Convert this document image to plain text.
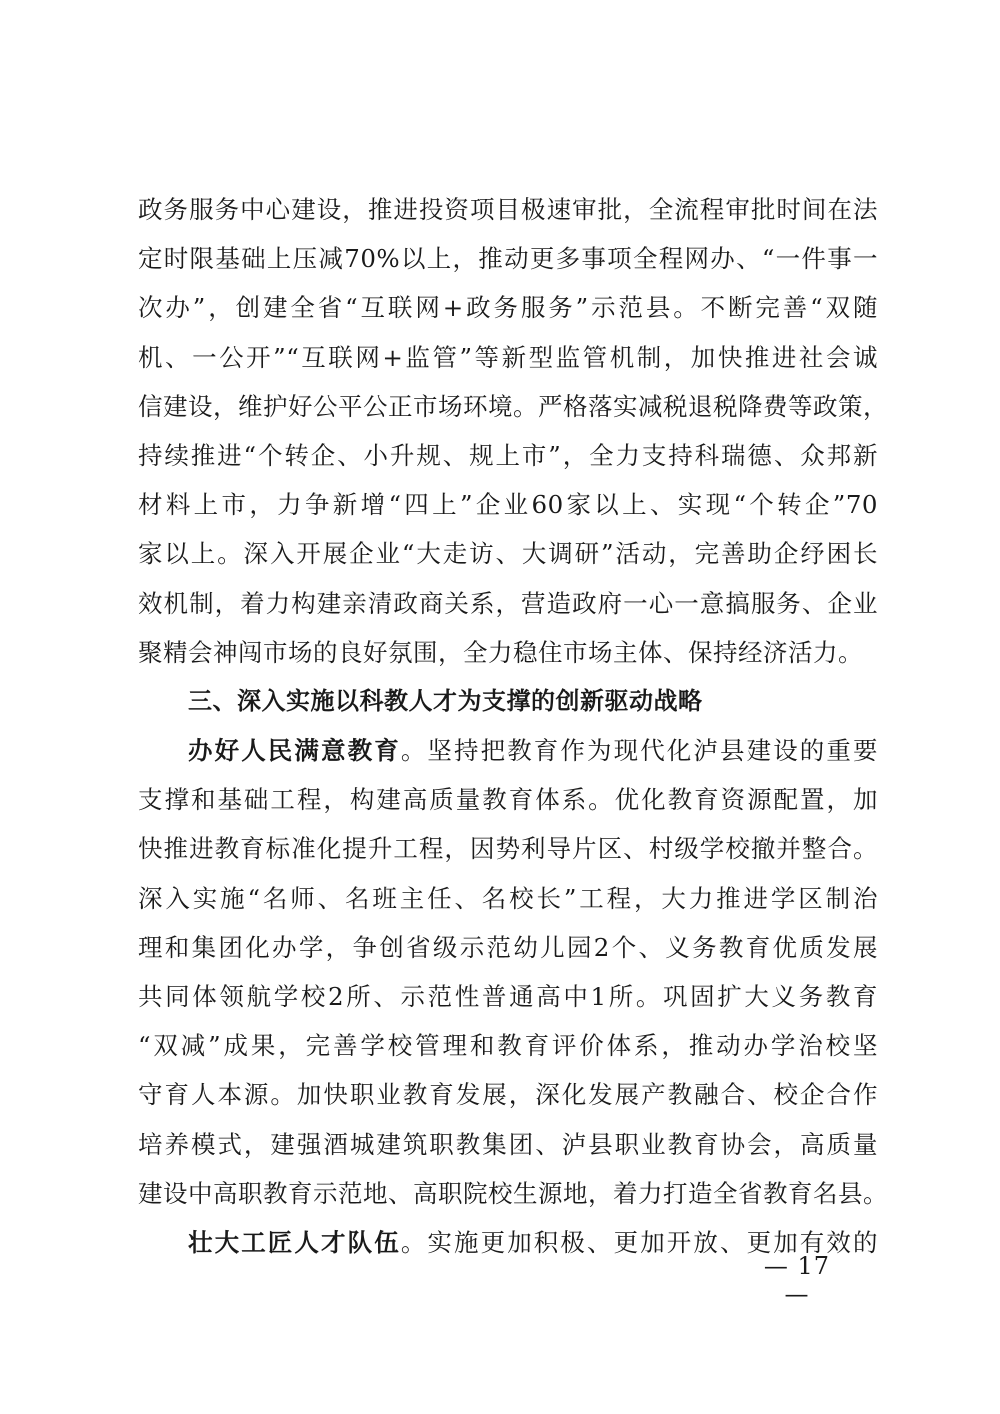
政务服务中心建设，推进投资项目极速审批，全流程审批时间在法
定时限基础上压减70%以上，推动更多事项全程网办、“一件事一
次办”，创建全省“互联网+政务服务”示范县。不断完善“双随
机、一公开”“互联网+监管”等新型监管机制，加快推进社会诚
信建设，维护好公平公正市场环境。严格落实减税退税降费等政策，
持续推进“个转企、小升规、规上市”，全力支持科瑞德、众邦新
材料上市，力争新增“四上”企业60家以上、实现“个转企”70
家以上。深入开展企业“大走访、大调研”活动，完善助企纾困长
效机制，着力构建亲清政商关系，营造政府一心一意搞服务、企业
聚精会神闯市场的良好氛围，全力稳住市场主体、保持经济活力。
三、深入实施以科教人才为支撑的创新驱动战略
办好人民满意教育。坚持把教育作为现代化泸县建设的重要
支撑和基础工程，构建高质量教育体系。优化教育资源配置，加
快推进教育标准化提升工程，因势利导片区、村级学校撤并整合。
深入实施“名师、名班主任、名校长”工程，大力推进学区制治
理和集团化办学，争创省级示范幼儿园2个、义务教育优质发展
共同体领航学校2所、示范性普通高中1所。巩固扩大义务教育
“双减”成果，完善学校管理和教育评价体系，推动办学治校坚
守育人本源。加快职业教育发展，深化发展产教融合、校企合作
培养模式，建强酒城建筑职教集团、泸县职业教育协会，高质量
建设中高职教育示范地、高职院校生源地，着力打造全省教育名县。
壮大工匠人才队伍。实施更加积极、更加开放、更加有效的
— 17 —
